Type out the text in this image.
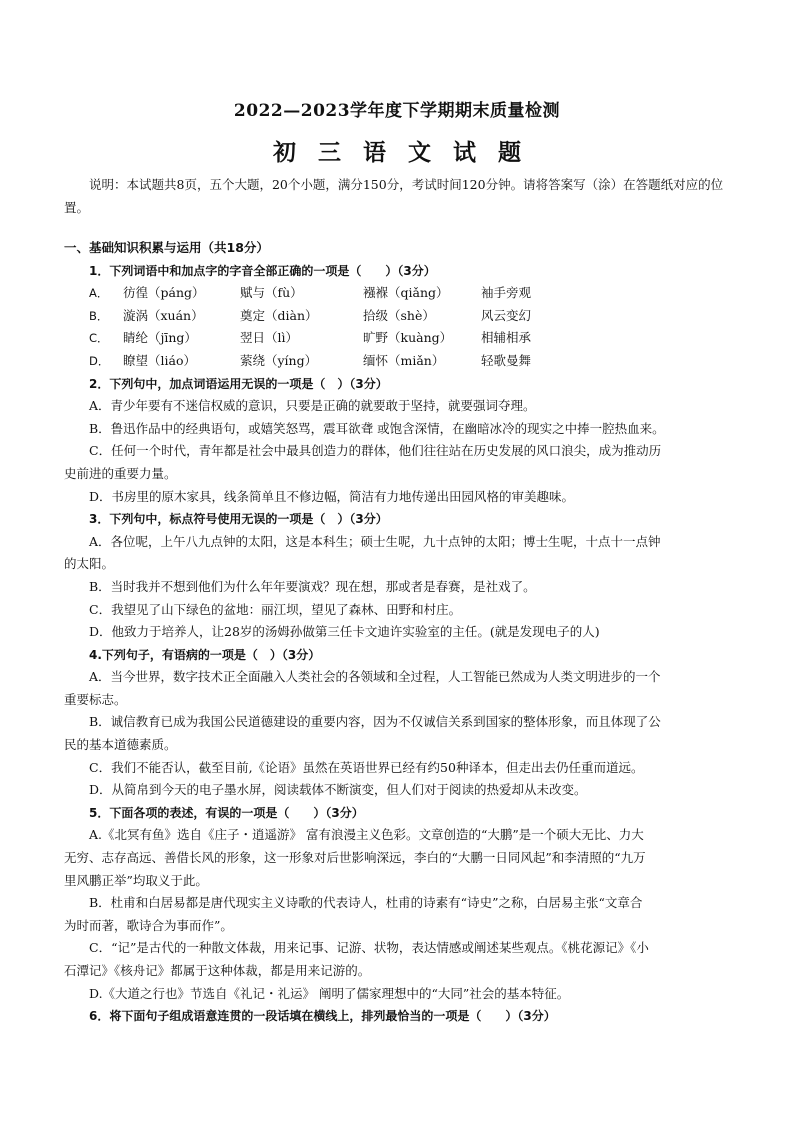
2022—2023学年度下学期期末质量检测
初三语文试题
说明：本试题共8页，五个大题，20个小题，满分150分，考试时间120分钟。请将答案写（涂）在答题纸对应的位置。
一、基础知识积累与运用（共18分）
1．下列词语中和加点字的字音全部正确的一项是（　　）（3分）
A．	彷徨（páng）	赋与（fù）	襁褓（qiǎng）	袖手旁观
B．	漩涡（xuán）	奠定（diàn）	拾级（shè）	风云变幻
C．	睛纶（jīng）	翌日（lì）	旷野（kuàng）	相辅相承
D．	瞭望（liáo）	萦绕（yíng）	缅怀（miǎn）	轻歌曼舞
2．下列句中，加点词语运用无误的一项是（　）（3分）
A．青少年要有不迷信权威的意识，只要是正确的就要敢于坚持，就要强词夺理。
B．鲁迅作品中的经典语句，或嬉笑怒骂，震耳欲聋 或饱含深情，在幽暗冰冷的现实之中捧一腔热血来。
C．任何一个时代，青年都是社会中最具创造力的群体，他们往往站在历史发展的风口浪尖，成为推动历
史前进的重要力量。
D．书房里的原木家具，线条简单且不修边幅，简洁有力地传递出田园风格的审美趣味。
3．下列句中，标点符号使用无误的一项是（　）（3分）
A．各位呢，上午八九点钟的太阳，这是本科生；硕士生呢，九十点钟的太阳；博士生呢，十点十一点钟
的太阳。
B．当时我并不想到他们为什么年年要演戏？现在想，那或者是春赛，是社戏了。
C．我望见了山下绿色的盆地：丽江坝，望见了森林、田野和村庄。
D．他致力于培养人，让28岁的汤姆孙做第三任卡文迪许实验室的主任。(就是发现电子的人)
4.下列句子，有语病的一项是（　）（3分）
A．当今世界，数字技术正全面融入人类社会的各领域和全过程，人工智能已然成为人类文明进步的一个
重要标志。
B．诚信教育已成为我国公民道德建设的重要内容，因为不仅诚信关系到国家的整体形象，而且体现了公
民的基本道德素质。
C．我们不能否认，截至目前,《论语》虽然在英语世界已经有约50种译本，但走出去仍任重而道远。
D．从简帛到今天的电子墨水屏，阅读载体不断演变，但人们对于阅读的热爱却从未改变。
5．下面各项的表述，有误的一项是（　　）（3分）
A.《北冥有鱼》选自《庄子・逍遥游》 富有浪漫主义色彩。文章创造的“大鹏”是一个硕大无比、力大
无穷、志存高远、善借长风的形象，这一形象对后世影响深远，李白的“大鹏一日同风起”和李清照的“九万
里风鹏正举”均取义于此。
B．杜甫和白居易都是唐代现实主义诗歌的代表诗人，杜甫的诗素有“诗史”之称，白居易主张“文章合
为时而著，歌诗合为事而作”。
C．“记”是古代的一种散文体裁，用来记事、记游、状物，表达情感或阐述某些观点。《桃花源记》《小
石潭记》《核舟记》都属于这种体裁，都是用来记游的。
D.《大道之行也》节选自《礼记・礼运》 阐明了儒家理想中的“大同”社会的基本特征。
6．将下面句子组成语意连贯的一段话填在横线上，排列最恰当的一项是（　　）（3分）
